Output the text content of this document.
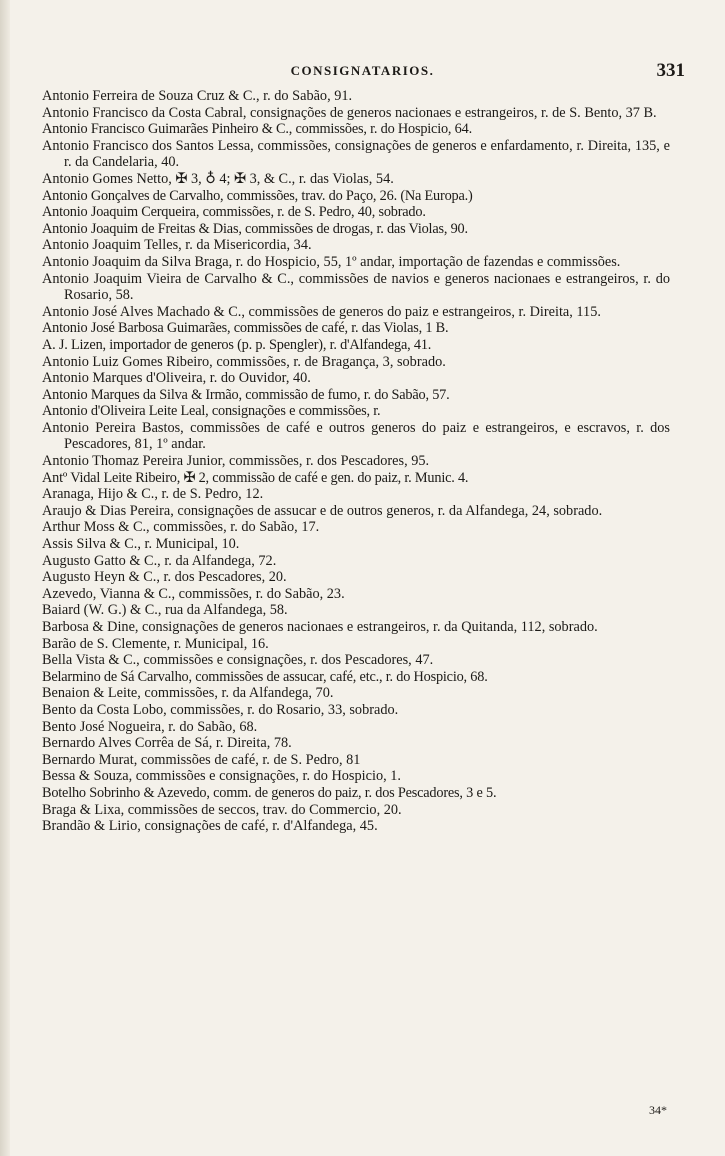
CONSIGNATARIOS.	331

Antonio Ferreira de Souza Cruz & C., r. do Sabão, 91.

Antonio Francisco da Costa Cabral, consignações de generos nacionaes e estrangeiros, r. de S. Bento, 37 B.

Antonio Francisco Guimarães Pinheiro & C., commissões, r. do Hospicio, 64.

Antonio Francisco dos Santos Lessa, commissões, consignações de generos e enfardamento, r. Direita, 135, e r. da Candelaria, 40.

Antonio Gomes Netto, ✠ 3, ♁ 4; ✠ 3, & C., r. das Violas, 54.

Antonio Gonçalves de Carvalho, commissões, trav. do Paço, 26. (Na Europa.)

Antonio Joaquim Cerqueira, commissões, r. de S. Pedro, 40, sobrado.

Antonio Joaquim de Freitas & Dias, commissões de drogas, r. das Violas, 90.

Antonio Joaquim Telles, r. da Misericordia, 34.

Antonio Joaquim da Silva Braga, r. do Hospicio, 55, 1º andar, importação de fazendas e commissões.

Antonio Joaquim Vieira de Carvalho & C., commissões de navios e generos nacionaes e estrangeiros, r. do Rosario, 58.

Antonio José Alves Machado & C., commissões de generos do paiz e estrangeiros, r. Direita, 115.

Antonio José Barbosa Guimarães, commissões de café, r. das Violas, 1 B.

A. J. Lizen, importador de generos (p. p. Spengler), r. d'Alfandega, 41.

Antonio Luiz Gomes Ribeiro, commissões, r. de Bragança, 3, sobrado.

Antonio Marques d'Oliveira, r. do Ouvidor, 40.

Antonio Marques da Silva & Irmão, commissão de fumo, r. do Sabão, 57.

Antonio d'Oliveira Leite Leal, consignações e commissões, r.

Antonio Pereira Bastos, commissões de café e outros generos do paiz e estrangeiros, e escravos, r. dos Pescadores, 81, 1º andar.

Antonio Thomaz Pereira Junior, commissões, r. dos Pescadores, 95.

Antº Vidal Leite Ribeiro, ✠ 2, commissão de café e gen. do paiz, r. Munic. 4.

Aranaga, Hijo & C., r. de S. Pedro, 12.

Araujo & Dias Pereira, consignações de assucar e de outros generos, r. da Alfandega, 24, sobrado.

Arthur Moss & C., commissões, r. do Sabão, 17.

Assis Silva & C., r. Municipal, 10.

Augusto Gatto & C., r. da Alfandega, 72.

Augusto Heyn & C., r. dos Pescadores, 20.

Azevedo, Vianna & C., commissões, r. do Sabão, 23.

Baiard (W. G.) & C., rua da Alfandega, 58.

Barbosa & Dine, consignações de generos nacionaes e estrangeiros, r. da Quitanda, 112, sobrado.

Barão de S. Clemente, r. Municipal, 16.

Bella Vista & C., commissões e consignações, r. dos Pescadores, 47.

Belarmino de Sá Carvalho, commissões de assucar, café, etc., r. do Hospicio, 68.

Benaion & Leite, commissões, r. da Alfandega, 70.

Bento da Costa Lobo, commissões, r. do Rosario, 33, sobrado.

Bento José Nogueira, r. do Sabão, 68.

Bernardo Alves Corrêa de Sá, r. Direita, 78.

Bernardo Murat, commissões de café, r. de S. Pedro, 81

Bessa & Souza, commissões e consignações, r. do Hospicio, 1.

Botelho Sobrinho & Azevedo, comm. de generos do paiz, r. dos Pescadores, 3 e 5.

Braga & Lixa, commissões de seccos, trav. do Commercio, 20.

Brandão & Lirio, consignações de café, r. d'Alfandega, 45.

34*
